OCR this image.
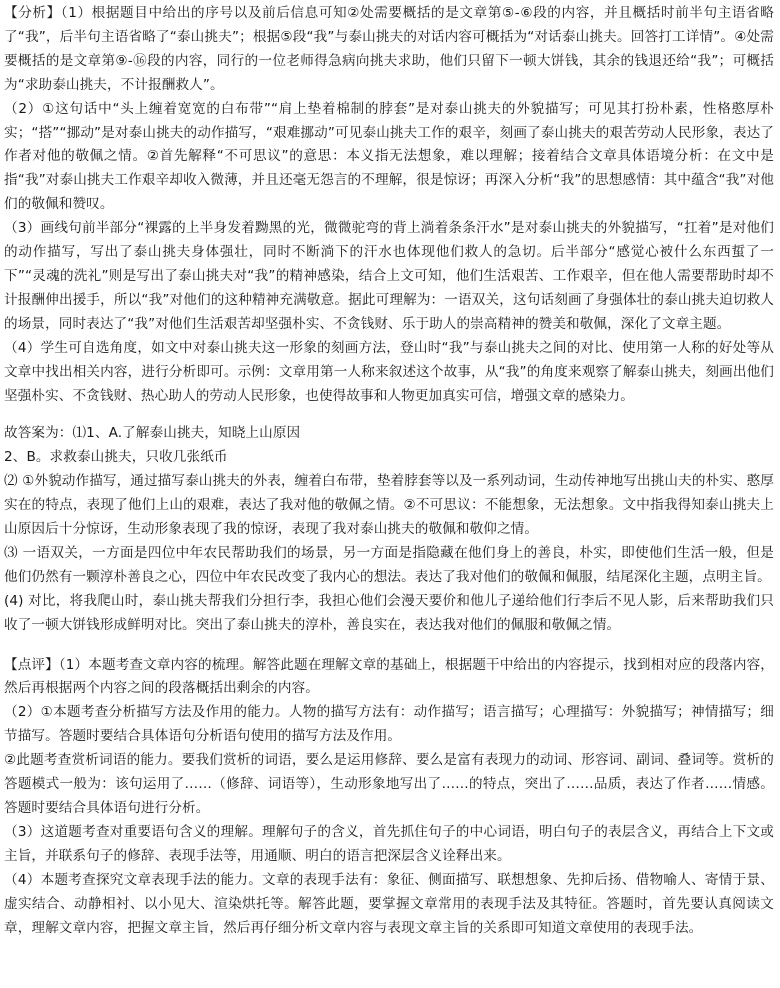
【分析】（1）根据题目中给出的序号以及前后信息可知②处需要概括的是文章第⑤-⑥段的内容，并且概括时前半句主语省略了“我”，后半句主语省略了“泰山挑夫”；根据⑤段“我”与泰山挑夫的对话内容可概括为“对话泰山挑夫。回答打工详情”。④处需要概括的是文章第⑨-⑯段的内容，同行的一位老师得急病向挑夫求助，他们只留下一顿大饼钱，其余的钱退还给“我”；可概括为“求助泰山挑夫，不计报酬救人”。

（2）①这句话中“头上缠着宽宽的白布带”“肩上垫着棉制的脖套”是对泰山挑夫的外貌描写；可见其打扮朴素，性格憨厚朴实；“搭”“挪动”是对泰山挑夫的动作描写，“艰难挪动”可见泰山挑夫工作的艰辛，刻画了泰山挑夫的艰苦劳动人民形象，表达了作者对他的敬佩之情。②首先解释“不可思议”的意思：本义指无法想象，难以理解；接着结合文章具体语境分析：在文中是指“我”对泰山挑夫工作艰辛却收入微薄，并且还毫无怨言的不理解，很是惊讶；再深入分析“我”的思想感情：其中蕴含“我”对他们的敬佩和赞叹。

（3）画线句前半部分“裸露的上半身发着黝黑的光，微微驼弯的背上淌着条条汗水”是对泰山挑夫的外貌描写，“扛着”是对他们的动作描写，写出了泰山挑夫身体强壮，同时不断淌下的汗水也体现他们救人的急切。后半部分“感觉心被什么东西蜇了一下”“灵魂的洗礼”则是写出了泰山挑夫对“我”的精神感染，结合上文可知，他们生活艰苦、工作艰辛，但在他人需要帮助时却不计报酬伸出援手，所以“我”对他们的这种精神充满敬意。据此可理解为：一语双关，这句话刻画了身强体壮的泰山挑夫迫切救人的场景，同时表达了“我”对他们生活艰苦却坚强朴实、不贪钱财、乐于助人的崇高精神的赞美和敬佩，深化了文章主题。

（4）学生可自选角度，如文中对泰山挑夫这一形象的刻画方法，登山时“我”与泰山挑夫之间的对比、使用第一人称的好处等从文章中找出相关内容，进行分析即可。示例：文章用第一人称来叙述这个故事，从“我”的角度来观察了解泰山挑夫，刻画出他们坚强朴实、不贪钱财、热心助人的劳动人民形象，也使得故事和人物更加真实可信，增强文章的感染力。

故答案为：⑴1、A.了解泰山挑夫，知晓上山原因

2、B。求救泰山挑夫，只收几张纸币

⑵ ①外貌动作描写，通过描写泰山挑夫的外表，缠着白布带，垫着脖套等以及一系列动词，生动传神地写出挑山夫的朴实、憨厚实在的特点，表现了他们上山的艰难，表达了我对他的敬佩之情。②不可思议：不能想象，无法想象。文中指我得知泰山挑夫上山原因后十分惊讶，生动形象表现了我的惊讶，表现了我对泰山挑夫的敬佩和敬仰之情。

⑶ 一语双关，一方面是四位中年农民帮助我们的场景，另一方面是指隐藏在他们身上的善良，朴实，即使他们生活一般，但是他们仍然有一颗淳朴善良之心，四位中年农民改变了我内心的想法。表达了我对他们的敬佩和佩服，结尾深化主题，点明主旨。

(4) 对比，将我爬山时，泰山挑夫帮我们分担行李，我担心他们会漫天要价和他儿子递给他们行李后不见人影，后来帮助我们只收了一顿大饼钱形成鲜明对比。突出了泰山挑夫的淳朴，善良实在，表达我对他们的佩服和敬佩之情。

【点评】（1）本题考查文章内容的梳理。解答此题在理解文章的基础上，根据题干中给出的内容提示，找到相对应的段落内容，然后再根据两个内容之间的段落概括出剩余的内容。

（2）①本题考查分析描写方法及作用的能力。人物的描写方法有：动作描写；语言描写；心理描写：外貌描写；神情描写；细节描写。答题时要结合具体语句分析语句使用的描写方法及作用。

②此题考查赏析词语的能力。要我们赏析的词语，要么是运用修辞、要么是富有表现力的动词、形容词、副词、叠词等。赏析的答题模式一般为：该句运用了……（修辞、词语等），生动形象地写出了……的特点，突出了……品质，表达了作者……情感。答题时要结合具体语句进行分析。

（3）这道题考查对重要语句含义的理解。理解句子的含义，首先抓住句子的中心词语，明白句子的表层含义，再结合上下文或主旨，并联系句子的修辞、表现手法等，用通顺、明白的语言把深层含义诠释出来。

（4）本题考查探究文章表现手法的能力。文章的表现手法有：象征、侧面描写、联想想象、先抑后扬、借物喻人、寄情于景、虚实结合、动静相衬、以小见大、渲染烘托等。解答此题，要掌握文章常用的表现手法及其特征。答题时，首先要认真阅读文章，理解文章内容，把握文章主旨，然后再仔细分析文章内容与表现文章主旨的关系即可知道文章使用的表现手法。
